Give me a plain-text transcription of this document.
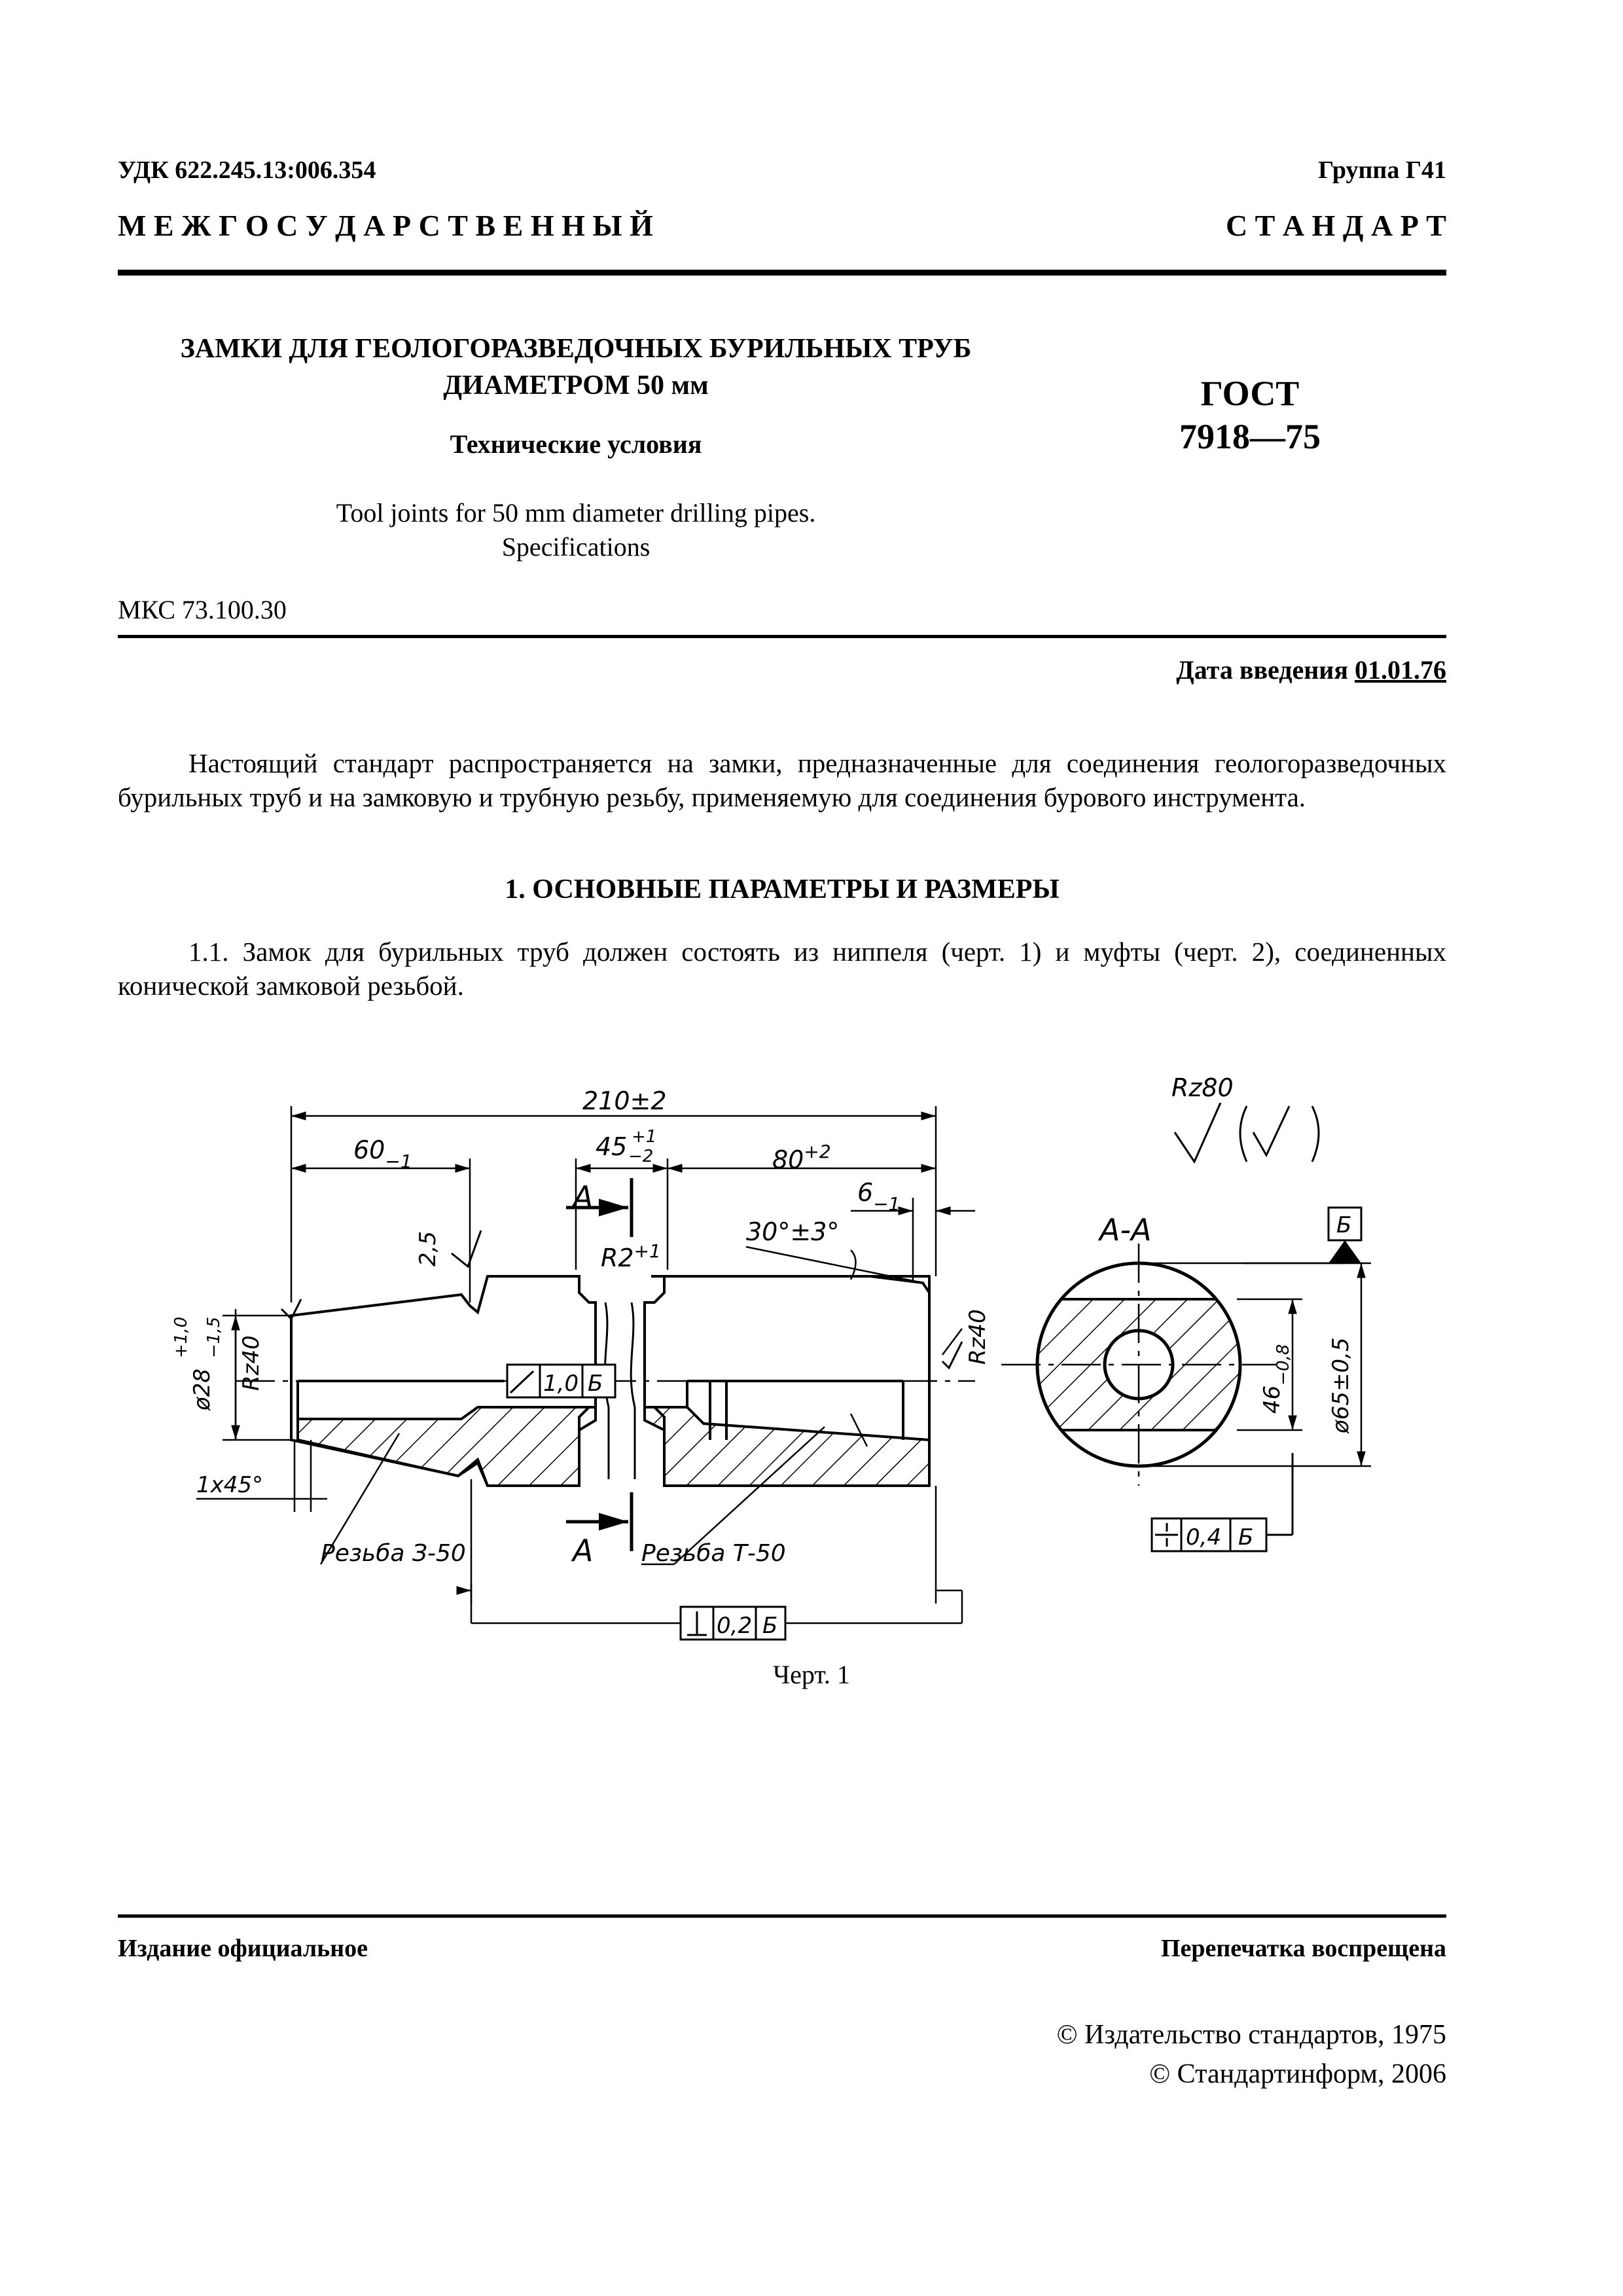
УДК 622.245.13:006.354	Группа Г41
М Е Ж Г О С У Д А Р С Т В Е Н Н Ы Й	С Т А Н Д А Р Т
ЗАМКИ ДЛЯ ГЕОЛОГОРАЗВЕДОЧНЫХ БУРИЛЬНЫХ ТРУБ
ДИАМЕТРОМ 50 мм
Технические условия
Tool joints for 50 mm diameter drilling pipes.
Specifications
ГОСТ
7918—75
МКС 73.100.30
Дата введения 01.01.76
Настоящий стандарт распространяется на замки, предназначенные для соединения геологоразведочных бурильных труб и на замковую и трубную резьбу, применяемую для соединения бурового инструмента.
1. ОСНОВНЫЕ ПАРАМЕТРЫ И РАЗМЕРЫ
1.1. Замок для бурильных труб должен состоять из ниппеля (черт. 1) и муфты (черт. 2), соединенных конической замковой резьбой.
210±2
$60_{-1}$
45 +1
−2	$80^{+2}$
$6_{-1}$
30°±3°
$R2^{+1}$
А
А
А-А
Rz80
1,0 Б
0,2 Б
0,4 Б
Б
1x45°
Резьба З-50	Резьба Т-50
2,5
Rz40	Rz40
ø28
+1,0 −1,5
$46_{-0,8}$ ø65±0,5
Черт. 1
Издание официальное	Перепечатка воспрещена
© Издательство стандартов, 1975
© Стандартинформ, 2006
